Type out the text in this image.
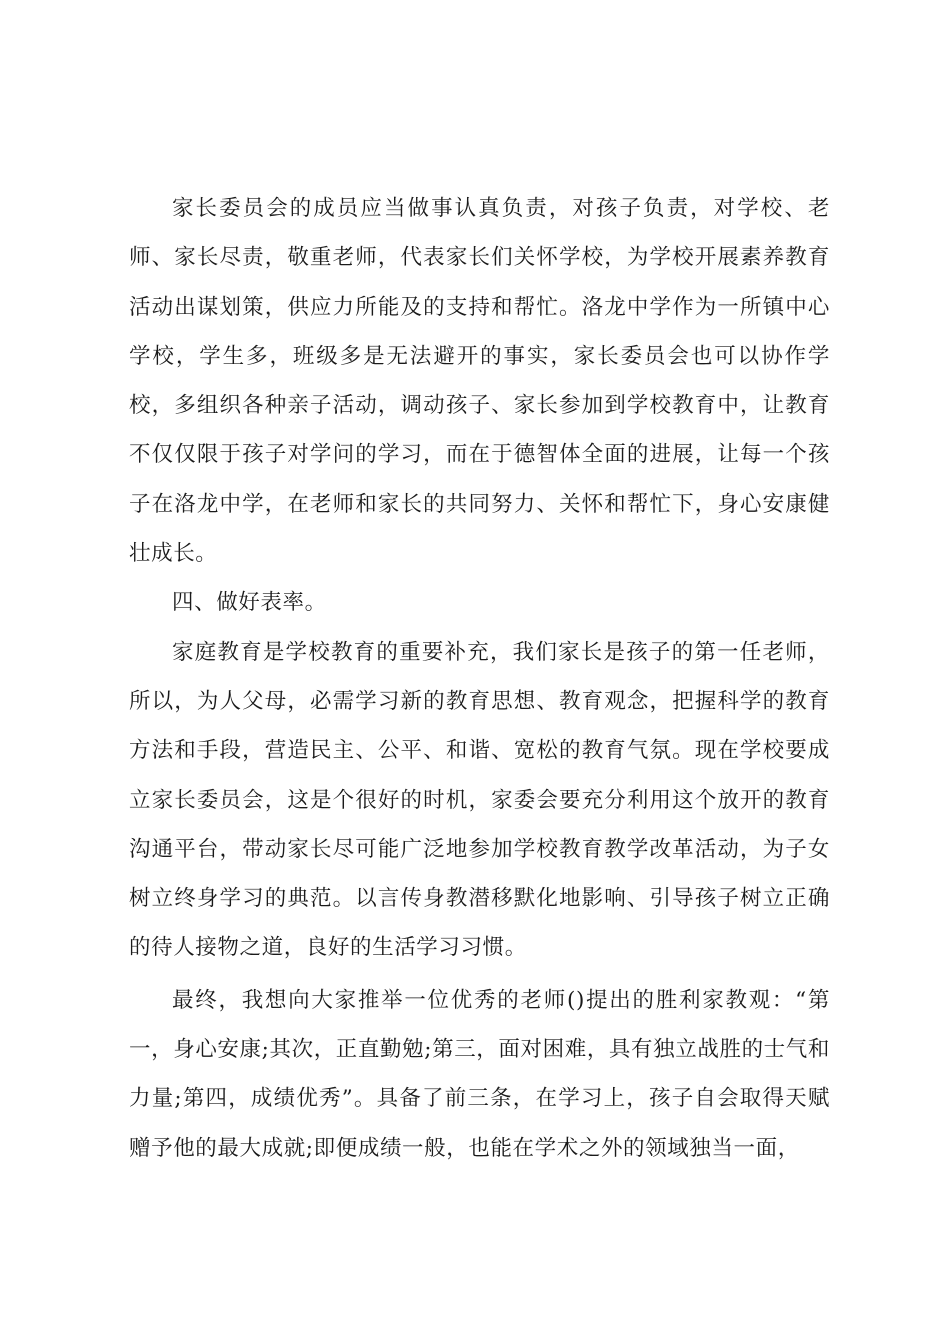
家长委员会的成员应当做事认真负责，对孩子负责，对学校、老师、家长尽责，敬重老师，代表家长们关怀学校，为学校开展素养教育活动出谋划策，供应力所能及的支持和帮忙。洛龙中学作为一所镇中心学校，学生多，班级多是无法避开的事实，家长委员会也可以协作学校，多组织各种亲子活动，调动孩子、家长参加到学校教育中，让教育不仅仅限于孩子对学问的学习，而在于德智体全面的进展，让每一个孩子在洛龙中学，在老师和家长的共同努力、关怀和帮忙下，身心安康健壮成长。

四、做好表率。

家庭教育是学校教育的重要补充，我们家长是孩子的第一任老师，所以，为人父母，必需学习新的教育思想、教育观念，把握科学的教育方法和手段，营造民主、公平、和谐、宽松的教育气氛。现在学校要成立家长委员会，这是个很好的时机，家委会要充分利用这个放开的教育沟通平台，带动家长尽可能广泛地参加学校教育教学改革活动，为子女树立终身学习的典范。以言传身教潜移默化地影响、引导孩子树立正确的待人接物之道，良好的生活学习习惯。

最终，我想向大家推举一位优秀的老师()提出的胜利家教观：“第一，身心安康;其次，正直勤勉;第三，面对困难，具有独立战胜的士气和力量;第四，成绩优秀”。具备了前三条，在学习上，孩子自会取得天赋赠予他的最大成就;即便成绩一般，也能在学术之外的领域独当一面，
